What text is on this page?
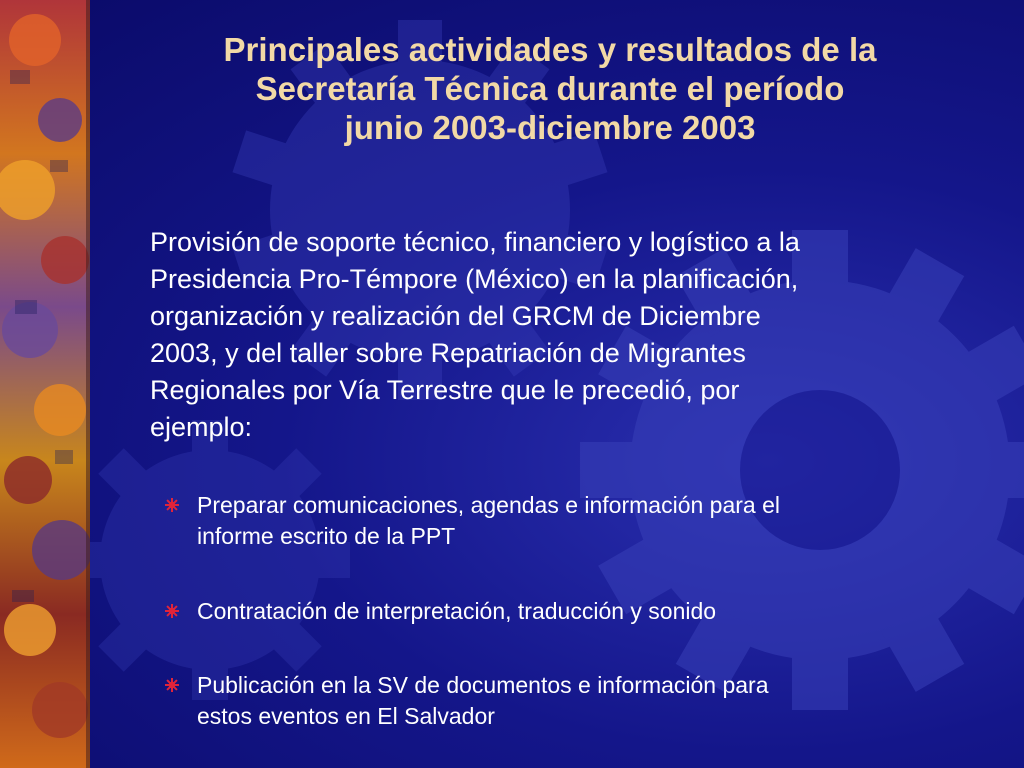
Principales actividades y resultados de la
Secretaría Técnica durante el período
junio 2003-diciembre 2003

Provisión de soporte técnico, financiero y logístico a la
Presidencia Pro-Témpore (México) en la planificación,
organización y realización del GRCM de Diciembre
2003, y del taller sobre Repatriación de Migrantes
Regionales por Vía Terrestre que le precedió, por
ejemplo:

Preparar comunicaciones, agendas e información para el
informe escrito de la PPT
Contratación de interpretación, traducción y sonido
Publicación en la SV de documentos e información para
estos eventos en El Salvador
